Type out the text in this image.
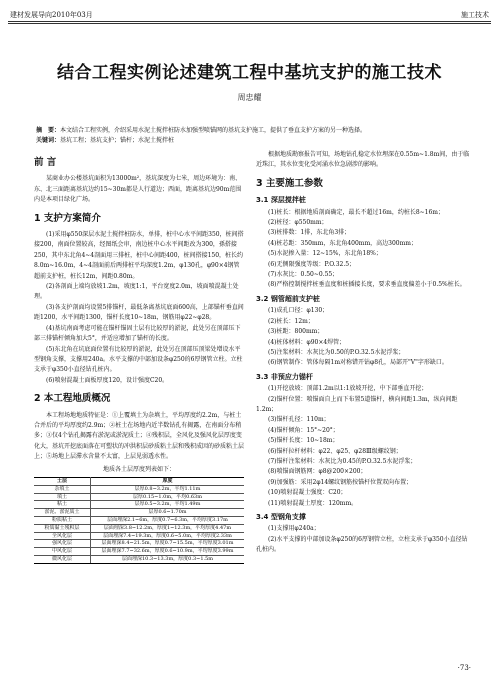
建材发展导向2010年03月	施工技术
结合工程实例论述建筑工程中基坑支护的施工技术
周忠耀
摘　要：本文结合工程实例，介绍采用水泥土搅拌桩防水加强型喷锚网的基坑支护施工，提供了垂直支护方案的另一种选择。
关键词：基坑工程；基坑支护；锚杆；水泥土搅拌桩

前 言

某商业办公楼基坑面积为13000m²，基坑深度为七米，周边环境为：南、东、北三面距离基坑边约15~30m都是人行道边；西面，距离基坑边90m范围内是本项目绿化广场。

1 支护方案简介

(1)采用φ550深层水泥土搅拌桩防水，单排，桩中心水平间距350，桩间搭接200，南面位置较高，经图纸会审，南边桩中心水平间距改为300，孫搭接250，其中东北角4~4剖面用三排桩，桩中心间距400，桩间搭接150，桩长约8.0m~16.0m，4~4剖面前后两排桩平均深度1.2m，φ130孔，φ90×4钢管超前支护桩，桩长12m，间距0.80m。

(2)各剖面上端均放坡1.2m，坡度1:1，平台宽度2.0m，坡面喷混凝土处理。

(3)各支护剖面均设置5排锚杆，最低条离基坑底面600高，上部锚杆垂直间距1200，水平间距1300，锚杆长度10~18m，钢筋用φ22~φ28。

(4)基坑南面考虑可能在锚杆锚固土层有比较厚的淤泥，此处另在顶部压下部三排锚杆倾角加大5°，并适应增加了锚杆的长度。

(5)东北角在坑底面位置有比较厚的淤泥，此处另在顶部压顶梁处增设水平型钢角支撑，支撑用240a。水平支撑的中部加设条φ250的6厚钢管立柱。立柱支承于φ350小直径钻孔桩内。

(6)喷射混凝土面板厚度120，设计强度C20。

2 本工程地质概况

本工程场地地质特征是：①上覆填土为杂填土，平均厚度约2.2m，与桩土合并后的平均厚度约2.9m；②桩土在场地内近半数钻孔有揭露，在南面分布稍多；③仅4个钻孔揭露有淤泥或淤泥质土；④残积层，全风化及强风化层厚度变化大，基坑开挖底面落在可塑状的冲洪积层砂质粘土层和残积成因的砂质粘土层上；⑤场地上层滞水含量不太富，上层见弱透水性。

地质各土层厚度列表如下：

土层	厚度
杂填土	层厚0.8~3.2m，平均1.11m
填土	层厚0.15~1.0m，平均0.63m
粘土	层厚0.5~3.2m，平均1.49m
淤泥、淤泥质土	层厚0.6~1.70m
粉质粘土	层面埋深2.1~6m，厚度0.7~6.3m，平均厚度3.17m
粉质黏土残积层	层面埋深3.8~12.2m，厚度1~12.3m，平均厚度4.47m
全风化层	层面埋深7.4~19.3m，厚度0.6~5.0m，平均厚度2.33m
强风化层	层面埋深8.4~21.5m，厚度0.7~15.5m，平均厚度3.01m
中风化层	层面埋深7.7~32.6m，厚度0.6~10.9m，平均厚度3.99m
微风化层	层面埋深10.3~13.3m，厚度0.3~1.5m

根据地质勘察报告可知，场地钻孔稳定水位埋深在0.55m~1.8m间，由于临近珠江，其水位变化受河涌水位急剧涉的影响。

3 主要施工参数

3.1 深层搅拌桩

(1)桩长：根据地质剖面确定，最长不超过16m，约桩长8~16m；

(2)桩径：φ550mm；

(3)桩排数：1排，东北角3排；

(4)桩芯距：350mm，东北角400mm，高边300mm；

(5)水泥掺入量：12~15%，东北角18%；

(6)无侧限强度等级：P.O.32.5；

(7)水灰比：0.50~0.55；

(8)严格控制搅拌桩垂直度和桩插接长度，要求垂直度偏差小于0.5%桩长。

3.2 钢管超前支护桩

(1)成孔口径：φ130；

(2)桩长：12m；

(3)桩距：800mm；

(4)桩体材料：φ90×4焊管；

(5)注浆材料：水灰比为0.50的P.O.32.5水泥浮浆；

(6)钢管制作：管体每隔1m对称错开钻φ8孔，局部开"V"字形缺口。

3.3 非预应力锚杆

(1)开挖放坡：顶部1.2m以1:1放坡开挖，中下部垂直开挖；

(2)锚杆位置：喷锚面自上而下布置5道锚杆，横向间距1.3m，纵向间距1.2m；

(3)锚杆孔径：110m；

(4)锚杆倾角：15°~20°；

(5)锚杆长度：10~18m；

(6)锚杆拉杆材料：φ22、φ25、φ28Ⅲ级螺纹钢；

(7)锚杆注浆材料：水灰比为0.45的P.O.32.5水泥浮浆；

(8)喷锚面钢筋网：φ8@200×200；

(9)加强筋：采用2φ14螺纹钢筋按锚杆位置双向布置；

(10)喷射混凝土强度：C20；

(11)喷射混凝土厚度：120mm。

3.4 型钢角支撑

(1)支撑用φ240a；

(2)水平支撑的中部加设条φ250的6厚钢管立柱，立柱支承于φ350小直径钻孔桩内。

·73·
